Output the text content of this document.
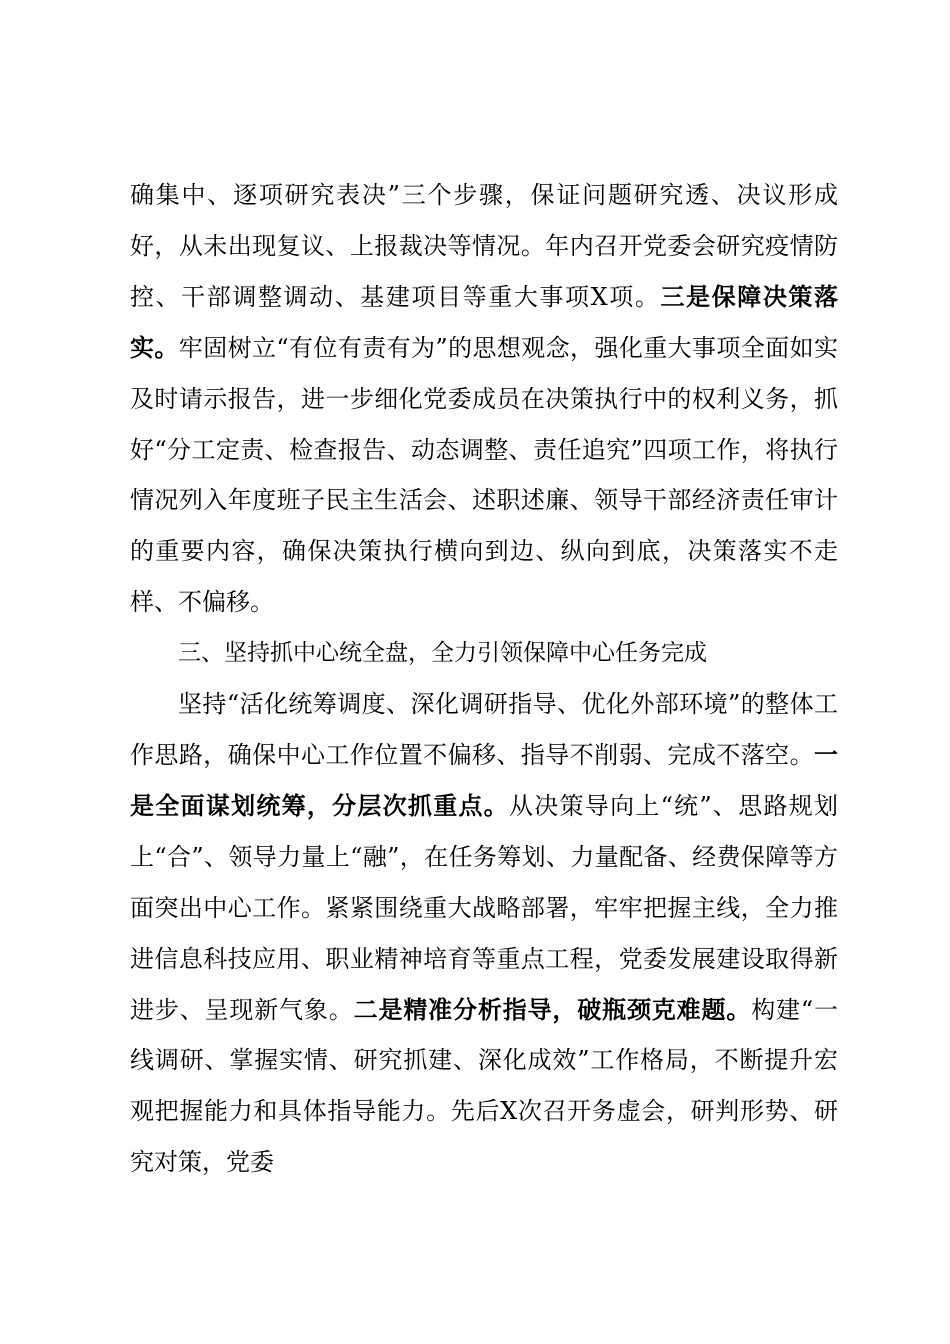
确集中、逐项研究表决”三个步骤，保证问题研究透、决议形成好，从未出现复议、上报裁决等情况。年内召开党委会研究疫情防控、干部调整调动、基建项目等重大事项X项。三是保障决策落实。牢固树立“有位有责有为”的思想观念，强化重大事项全面如实及时请示报告，进一步细化党委成员在决策执行中的权利义务，抓好“分工定责、检查报告、动态调整、责任追究”四项工作，将执行情况列入年度班子民主生活会、述职述廉、领导干部经济责任审计的重要内容，确保决策执行横向到边、纵向到底，决策落实不走样、不偏移。

三、坚持抓中心统全盘，全力引领保障中心任务完成

坚持“活化统筹调度、深化调研指导、优化外部环境”的整体工作思路，确保中心工作位置不偏移、指导不削弱、完成不落空。一是全面谋划统筹，分层次抓重点。从决策导向上“统”、思路规划上“合”、领导力量上“融”，在任务筹划、力量配备、经费保障等方面突出中心工作。紧紧围绕重大战略部署，牢牢把握主线，全力推进信息科技应用、职业精神培育等重点工程，党委发展建设取得新进步、呈现新气象。二是精准分析指导，破瓶颈克难题。构建“一线调研、掌握实情、研究抓建、深化成效”工作格局，不断提升宏观把握能力和具体指导能力。先后X次召开务虚会，研判形势、研究对策，党委
